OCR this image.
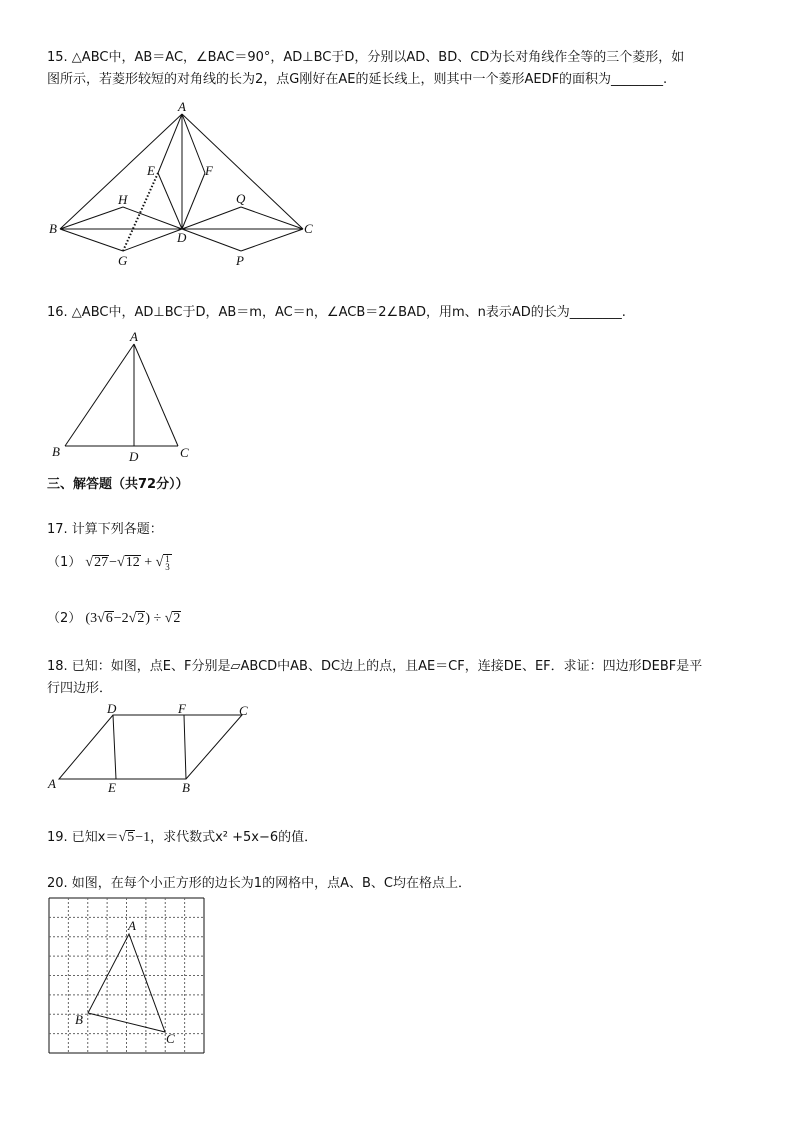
15. △ABC中，AB＝AC，∠BAC＝90°，AD⊥BC于D，分别以AD、BD、CD为长对角线作全等的三个菱形，如
图所示，若菱形较短的对角线的长为2，点G刚好在AE的延长线上，则其中一个菱形AEDF的面积为________.
A
E	F
H	Q
B
D
C
G	P
16. △ABC中，AD⊥BC于D，AB＝m，AC＝n，∠ACB＝2∠BAD，用m、n表示AD的长为________.
A
B	D	C
三、解答题（共72分））
17. 计算下列各题：
（1） √27−√12 + √ 1
3
（2） (3√6−2√2) ÷ √2
18. 已知：如图，点E、F分别是▱ABCD中AB、DC边上的点，且AE＝CF，连接DE、EF．求证：四边形DEBF是平
行四边形．
D	F	C
A	E	B
19. 已知x＝√5−1，求代数式x² +5x−6的值．
20. 如图，在每个小正方形的边长为1的网格中，点A、B、C均在格点上．
A
B
C
